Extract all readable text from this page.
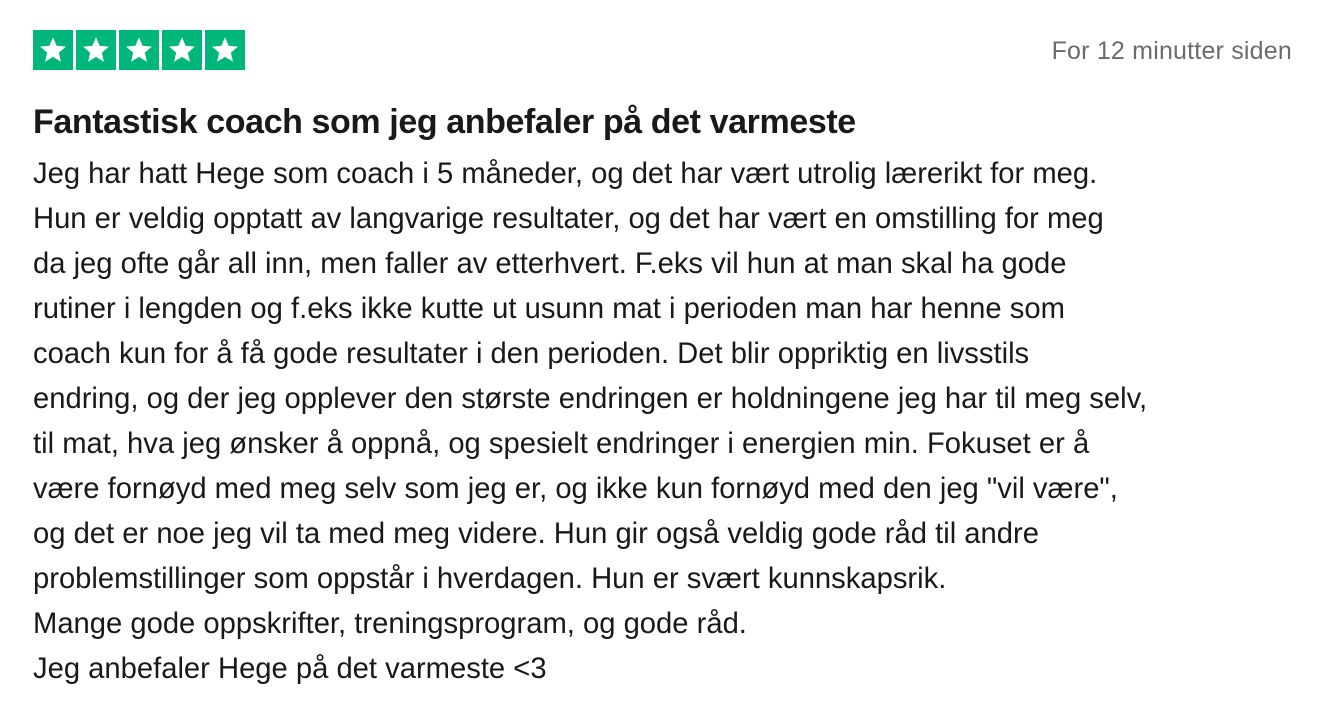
For 12 minutter siden
Fantastisk coach som jeg anbefaler på det varmeste
Jeg har hatt Hege som coach i 5 måneder, og det har vært utrolig lærerikt for meg.
Hun er veldig opptatt av langvarige resultater, og det har vært en omstilling for meg
da jeg ofte går all inn, men faller av etterhvert. F.eks vil hun at man skal ha gode
rutiner i lengden og f.eks ikke kutte ut usunn mat i perioden man har henne som
coach kun for å få gode resultater i den perioden. Det blir oppriktig en livsstils
endring, og der jeg opplever den største endringen er holdningene jeg har til meg selv,
til mat, hva jeg ønsker å oppnå, og spesielt endringer i energien min. Fokuset er å
være fornøyd med meg selv som jeg er, og ikke kun fornøyd med den jeg "vil være",
og det er noe jeg vil ta med meg videre. Hun gir også veldig gode råd til andre
problemstillinger som oppstår i hverdagen. Hun er svært kunnskapsrik.
Mange gode oppskrifter, treningsprogram, og gode råd.
Jeg anbefaler Hege på det varmeste <3
